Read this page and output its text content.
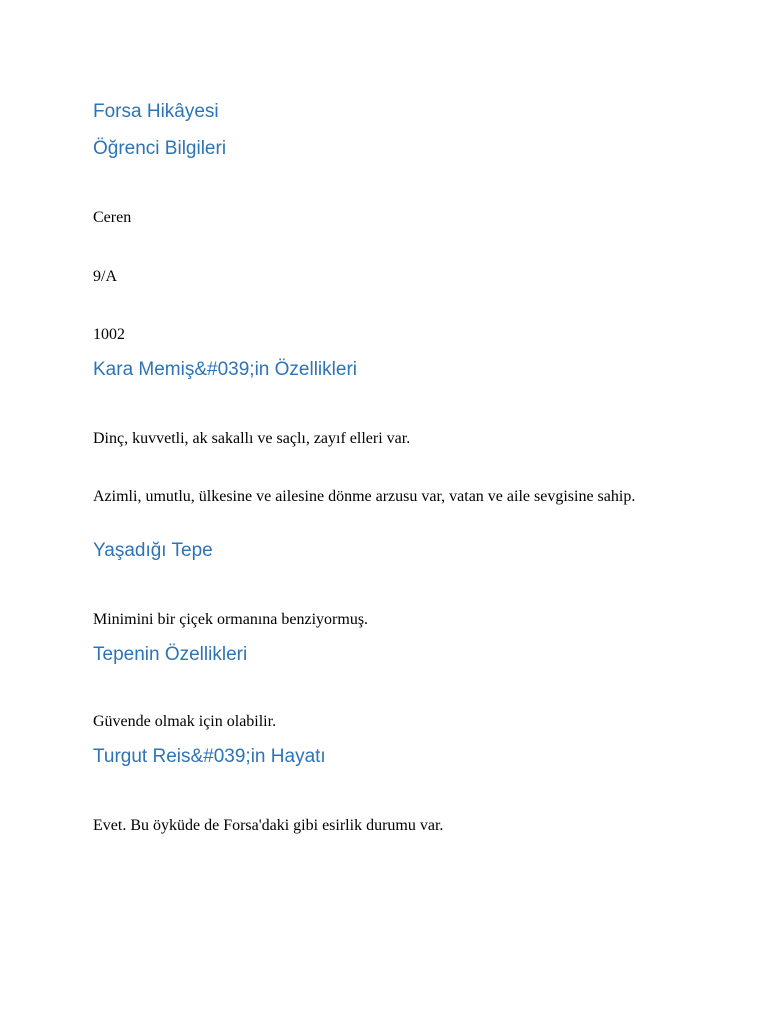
Forsa Hikâyesi
Öğrenci Bilgileri

Ceren

9/A

1002

Kara Memiş&#039;in Özellikleri

Dinç, kuvvetli, ak sakallı ve saçlı, zayıf elleri var.

Azimli, umutlu, ülkesine ve ailesine dönme arzusu var, vatan ve aile sevgisine sahip.

Yaşadığı Tepe

Minimini bir çiçek ormanına benziyormuş.

Tepenin Özellikleri

Güvende olmak için olabilir.

Turgut Reis&#039;in Hayatı

Evet. Bu öyküde de Forsa'daki gibi esirlik durumu var.
